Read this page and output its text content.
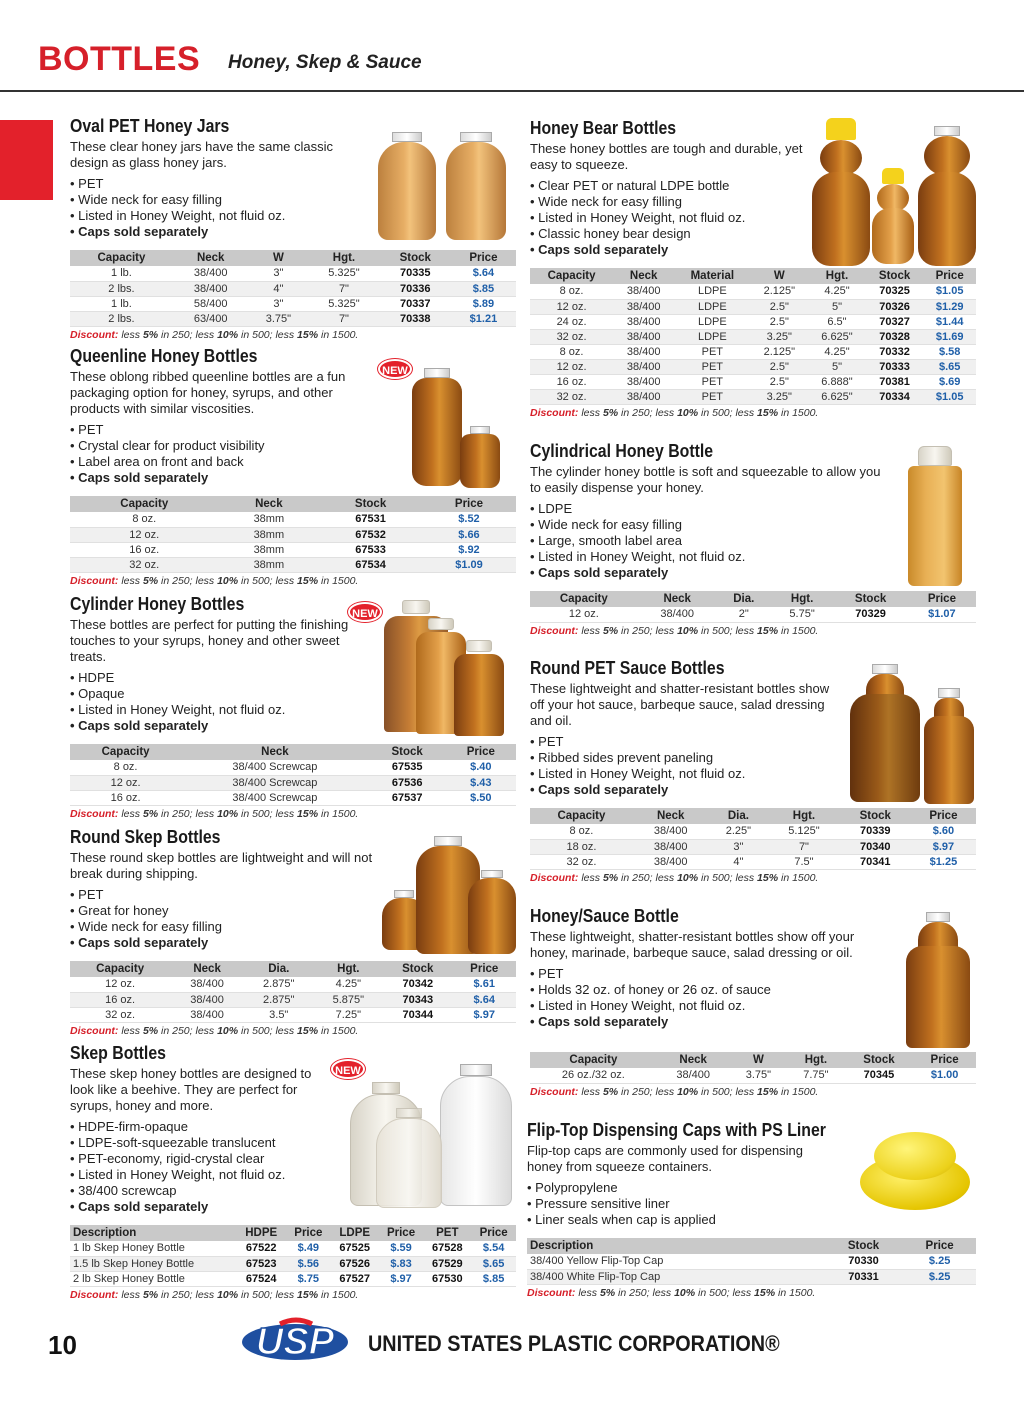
BOTTLES Honey, Skep & Sauce
Oval PET Honey Jars

These clear honey jars have the same classic design as glass honey jars.

• PET
• Wide neck for easy filling
• Listed in Honey Weight, not fluid oz.
• Caps sold separately
Capacity	Neck	W	Hgt.	Stock	Price
1 lb.	38/400	3"	5.325"	70335	$.64
2 lbs.	38/400	4"	7"	70336	$.85
1 lb.	58/400	3"	5.325"	70337	$.89
2 lbs.	63/400	3.75"	7"	70338	$1.21
Discount: less 5% in 250; less 10% in 500; less 15% in 1500.
Queenline Honey Bottles

These oblong ribbed queenline bottles are a fun packaging option for honey, syrups, and other products with similar viscosities.

• PET
• Crystal clear for product visibility
• Label area on front and back
• Caps sold separately
Capacity	Neck	Stock	Price
8 oz.	38mm	67531	$.52
12 oz.	38mm	67532	$.66
16 oz.	38mm	67533	$.92
32 oz.	38mm	67534	$1.09
Discount: less 5% in 250; less 10% in 500; less 15% in 1500.
NEW
Cylinder Honey Bottles

These bottles are perfect for putting the finishing touches to your syrups, honey and other sweet treats.

• HDPE
• Opaque
• Listed in Honey Weight, not fluid oz.
• Caps sold separately
Capacity	Neck	Stock	Price
8 oz.	38/400 Screwcap	67535	$.40
12 oz.	38/400 Screwcap	67536	$.43
16 oz.	38/400 Screwcap	67537	$.50
Discount: less 5% in 250; less 10% in 500; less 15% in 1500.
NEW
Round Skep Bottles

These round skep bottles are lightweight and will not break during shipping.

• PET
• Great for honey
• Wide neck for easy filling
• Caps sold separately
Capacity	Neck	Dia.	Hgt.	Stock	Price
12 oz.	38/400	2.875"	4.25"	70342	$.61
16 oz.	38/400	2.875"	5.875"	70343	$.64
32 oz.	38/400	3.5"	7.25"	70344	$.97
Discount: less 5% in 250; less 10% in 500; less 15% in 1500.
Skep Bottles

These skep honey bottles are designed to look like a beehive. They are perfect for syrups, honey and more.

• HDPE-firm-opaque
• LDPE-soft-squeezable translucent
• PET-economy, rigid-crystal clear
• Listed in Honey Weight, not fluid oz.
• 38/400 screwcap
• Caps sold separately
Description	HDPE	Price	LDPE	Price	PET	Price
1 lb Skep Honey Bottle	67522	$.49	67525	$.59	67528	$.54
1.5 lb Skep Honey Bottle	67523	$.56	67526	$.83	67529	$.65
2 lb Skep Honey Bottle	67524	$.75	67527	$.97	67530	$.85
Discount: less 5% in 250; less 10% in 500; less 15% in 1500.
NEW
Honey Bear Bottles

These honey bottles are tough and durable, yet easy to squeeze.

• Clear PET or natural LDPE bottle
• Wide neck for easy filling
• Listed in Honey Weight, not fluid oz.
• Classic honey bear design
• Caps sold separately
Capacity	Neck	Material	W	Hgt.	Stock	Price
8 oz.	38/400	LDPE	2.125"	4.25"	70325	$1.05
12 oz.	38/400	LDPE	2.5"	5"	70326	$1.29
24 oz.	38/400	LDPE	2.5"	6.5"	70327	$1.44
32 oz.	38/400	LDPE	3.25"	6.625"	70328	$1.69
8 oz.	38/400	PET	2.125"	4.25"	70332	$.58
12 oz.	38/400	PET	2.5"	5"	70333	$.65
16 oz.	38/400	PET	2.5"	6.888"	70381	$.69
32 oz.	38/400	PET	3.25"	6.625"	70334	$1.05
Discount: less 5% in 250; less 10% in 500; less 15% in 1500.
Cylindrical Honey Bottle

The cylinder honey bottle is soft and squeezable to allow you to easily dispense your honey.

• LDPE
• Wide neck for easy filling
• Large, smooth label area
• Listed in Honey Weight, not fluid oz.
• Caps sold separately
Capacity	Neck	Dia.	Hgt.	Stock	Price
12 oz.	38/400	2"	5.75"	70329	$1.07
Discount: less 5% in 250; less 10% in 500; less 15% in 1500.
Round PET Sauce Bottles

These lightweight and shatter-resistant bottles show off your hot sauce, barbeque sauce, salad dressing and oil.

• PET
• Ribbed sides prevent paneling
• Listed in Honey Weight, not fluid oz.
• Caps sold separately
Capacity	Neck	Dia.	Hgt.	Stock	Price
8 oz.	38/400	2.25"	5.125"	70339	$.60
18 oz.	38/400	3"	7"	70340	$.97
32 oz.	38/400	4"	7.5"	70341	$1.25
Discount: less 5% in 250; less 10% in 500; less 15% in 1500.
Honey/Sauce Bottle

These lightweight, shatter-resistant bottles show off your honey, marinade, barbeque sauce, salad dressing or oil.

• PET
• Holds 32 oz. of honey or 26 oz. of sauce
• Listed in Honey Weight, not fluid oz.
• Caps sold separately
Capacity	Neck	W	Hgt.	Stock	Price
26 oz./32 oz.	38/400	3.75"	7.75"	70345	$1.00
Discount: less 5% in 250; less 10% in 500; less 15% in 1500.
Flip-Top Dispensing Caps with PS Liner

Flip-top caps are commonly used for dispensing honey from squeeze containers.

• Polypropylene
• Pressure sensitive liner
• Liner seals when cap is applied
Description	Stock	Price
38/400 Yellow Flip-Top Cap	70330	$.25
38/400 White Flip-Top Cap	70331	$.25
Discount: less 5% in 250; less 10% in 500; less 15% in 1500.
10	USP UNITED STATES PLASTIC CORPORATION®
